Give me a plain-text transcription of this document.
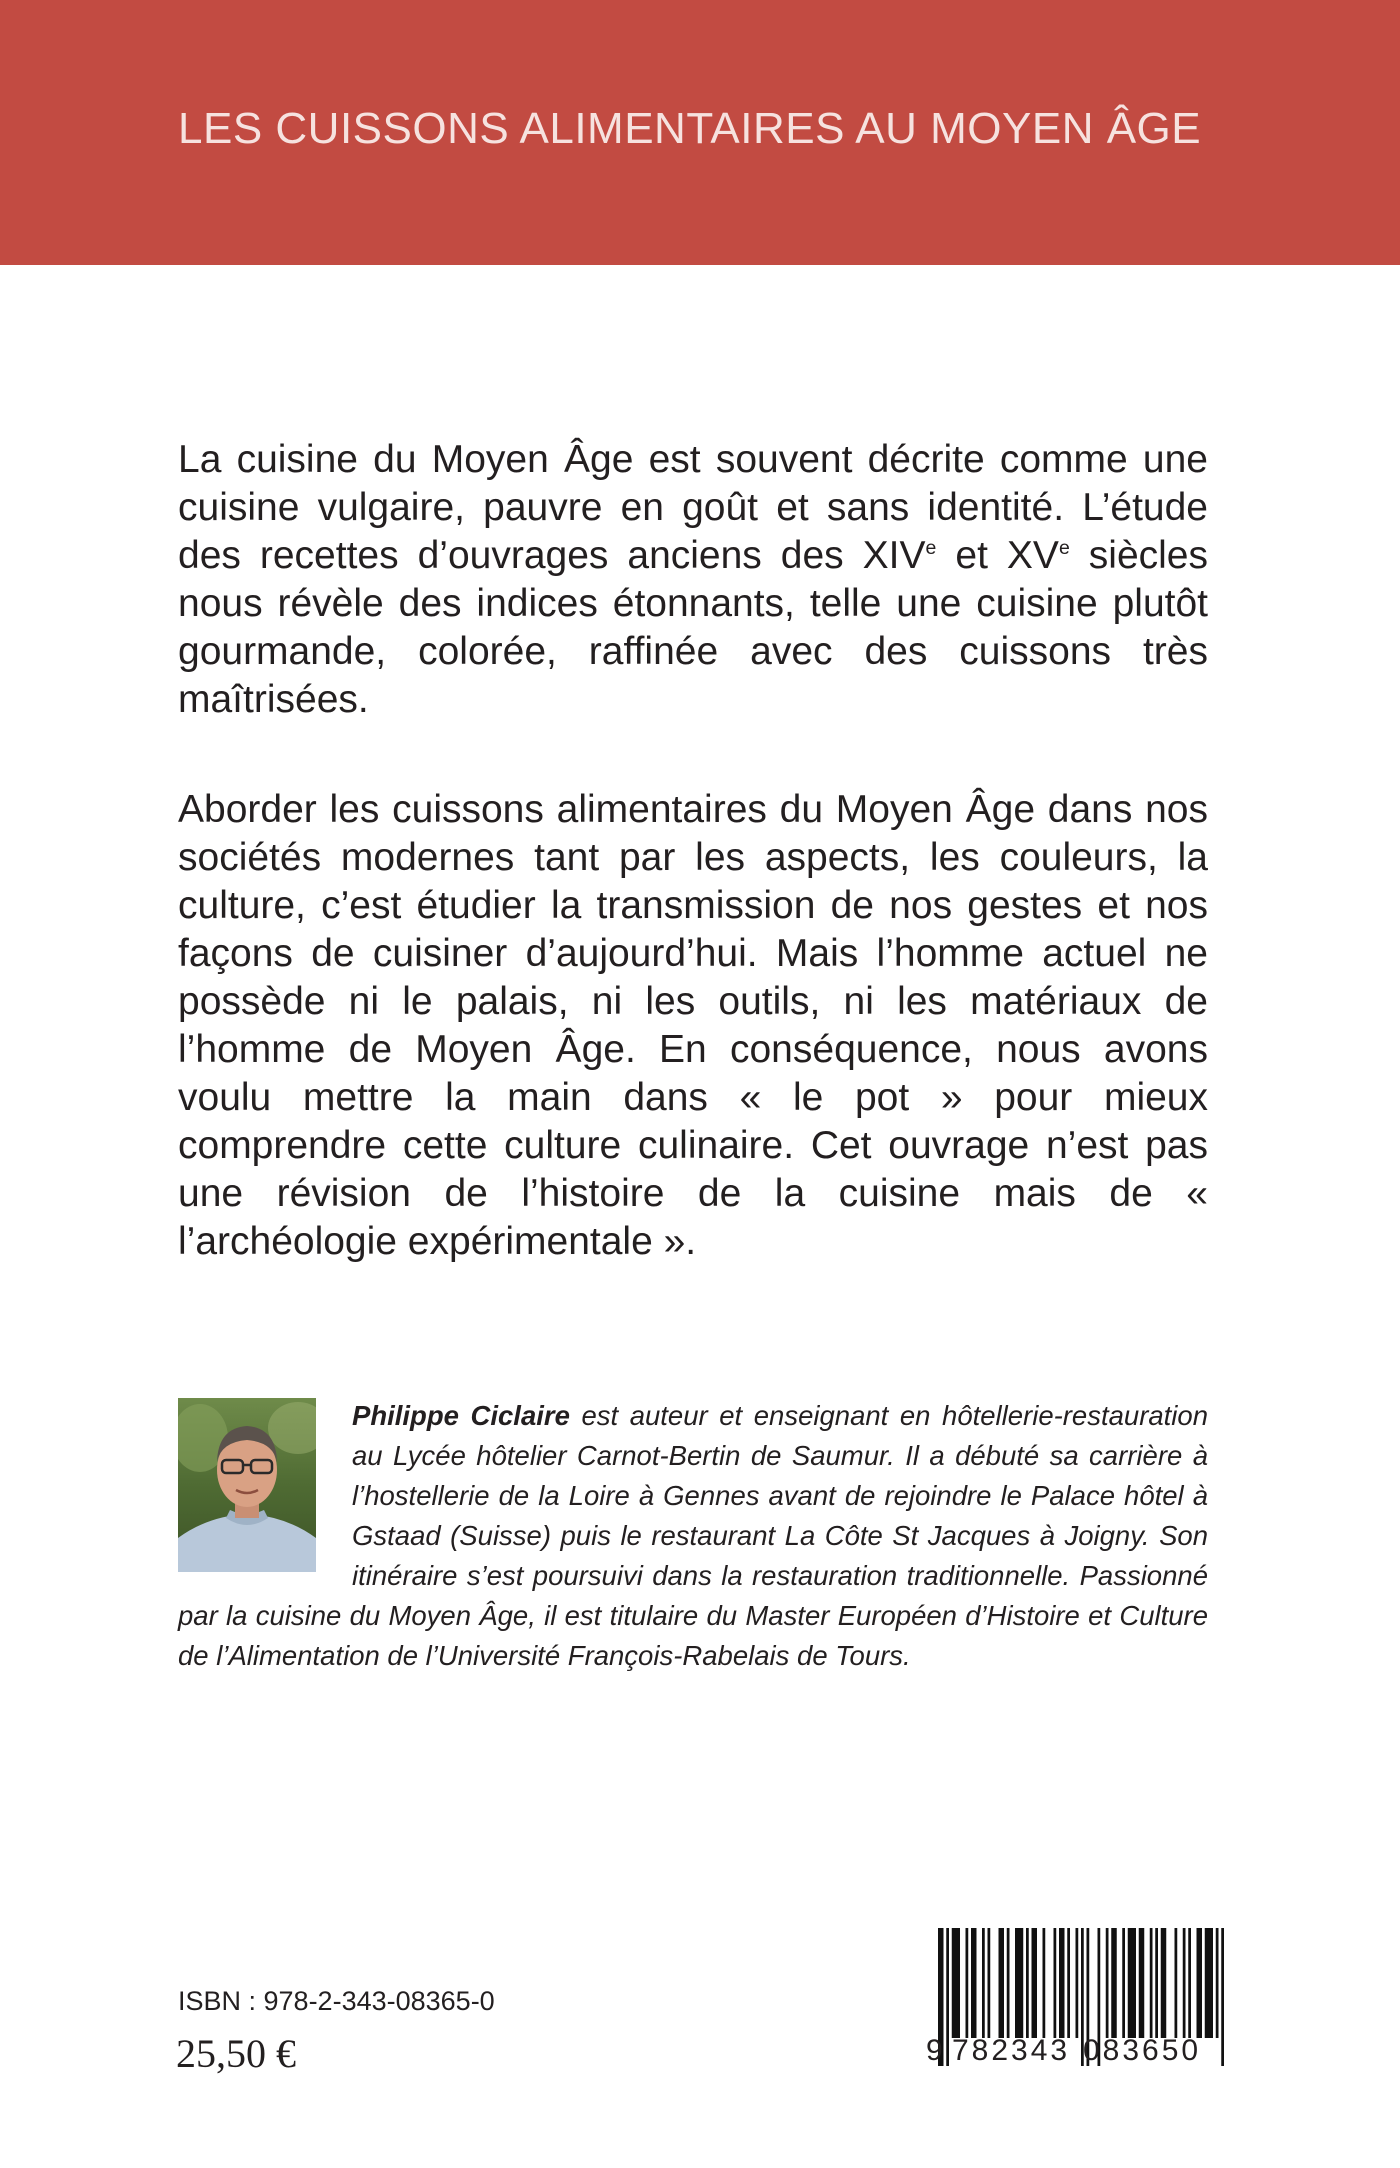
LES CUISSONS ALIMENTAIRES AU MOYEN ÂGE

La cuisine du Moyen Âge est souvent décrite comme une cuisine vulgaire, pauvre en goût et sans identité. L’étude des recettes d’ouvrages anciens des XIVe et XVe siècles nous révèle des indices étonnants, telle une cuisine plutôt gourmande, colorée, raffinée avec des cuissons très maîtrisées.

Aborder les cuissons alimentaires du Moyen Âge dans nos sociétés modernes tant par les aspects, les couleurs, la culture, c’est étudier la transmission de nos gestes et nos façons de cuisiner d’aujourd’hui. Mais l’homme actuel ne possède ni le palais, ni les outils, ni les matériaux de l’homme de Moyen Âge. En conséquence, nous avons voulu mettre la main dans « le pot » pour mieux comprendre cette culture culinaire. Cet ouvrage n’est pas une révision de l’histoire de la cuisine mais de « l’archéologie expérimentale ».

Philippe Ciclaire est auteur et enseignant en hôtellerie-restauration au Lycée hôtelier Carnot-Bertin de Saumur. Il a débuté sa carrière à l’hostellerie de la Loire à Gennes avant de rejoindre le Palace hôtel à Gstaad (Suisse) puis le restaurant La Côte St Jacques à Joigny. Son itinéraire s’est poursuivi dans la restauration traditionnelle. Passionné par la cuisine du Moyen Âge, il est titulaire du Master Européen d’Histoire et Culture de l’Alimentation de l’Université François-Rabelais de Tours.

ISBN : 978-2-343-08365-0
25,50 €	9 782343 083650
